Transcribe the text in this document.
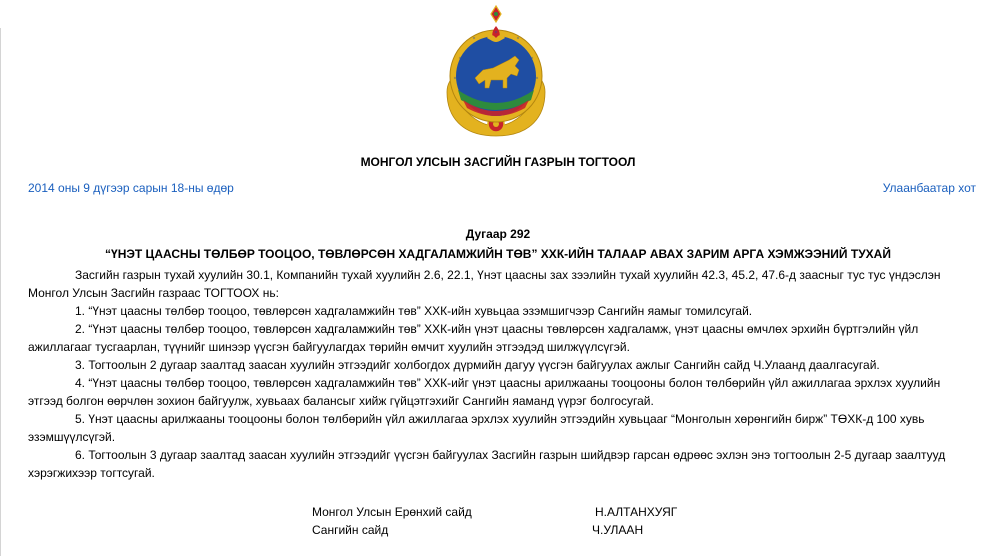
МОНГОЛ УЛСЫН ЗАСГИЙН ГАЗРЫН ТОГТООЛ
2014 оны 9 дүгээр сарын 18-ны өдөр	Улаанбаатар хот
Дугаар 292
“ҮНЭТ ЦААСНЫ ТӨЛБӨР ТООЦОО, ТӨВЛӨРСӨН ХАДГАЛАМЖИЙН ТӨВ” ХХК-ИЙН ТАЛААР АВАХ ЗАРИМ АРГА ХЭМЖЭЭНИЙ ТУХАЙ

Засгийн газрын тухай хуулийн 30.1, Компанийн тухай хуулийн 2.6, 22.1, Үнэт цаасны зах зээлийн тухай хуулийн 42.3, 45.2, 47.6-д заасныг тус тус үндэслэн Монгол Улсын Засгийн газраас ТОГТООХ нь:

1. “Үнэт цаасны төлбөр тооцоо, төвлөрсөн хадгаламжийн төв” ХХК-ийн хувьцаа эзэмшигчээр Сангийн яамыг томилсугай.

2. “Үнэт цаасны төлбөр тооцоо, төвлөрсөн хадгаламжийн төв” ХХК-ийн үнэт цаасны төвлөрсөн хадгаламж, үнэт цаасны өмчлөх эрхийн бүртгэлийн үйл ажиллагааг тусгаарлан, түүнийг шинээр үүсгэн байгуулагдах төрийн өмчит хуулийн этгээдэд шилжүүлсүгэй.

3. Тогтоолын 2 дугаар заалтад заасан хуулийн этгээдийг холбогдох дүрмийн дагуу үүсгэн байгуулах ажлыг Сангийн сайд Ч.Улаанд даалгасугай.

4. “Үнэт цаасны төлбөр тооцоо, төвлөрсөн хадгаламжийн төв” ХХК-ийг үнэт цаасны арилжааны тооцооны болон төлбөрийн үйл ажиллагаа эрхлэх хуулийн этгээд болгон өөрчлөн зохион байгуулж, хувьаах балансыг хийж гүйцэтгэхийг Сангийн яаманд үүрэг болгосугай.

5. Үнэт цаасны арилжааны тооцооны болон төлбөрийн үйл ажиллагаа эрхлэх хуулийн этгээдийн хувьцааг “Монголын хөрөнгийн бирж” ТӨХК-д 100 хувь эзэмшүүлсүгэй.

6. Тогтоолын 3 дугаар заалтад заасан хуулийн этгээдийг үүсгэн байгуулах Засгийн газрын шийдвэр гарсан өдрөөс эхлэн энэ тогтоолын 2-5 дугаар заалтууд хэрэгжихээр тогтсугай.

Монгол Улсын Ерөнхий сайд	Н.АЛТАНХУЯГ
Сангийн сайд	Ч.УЛААН
